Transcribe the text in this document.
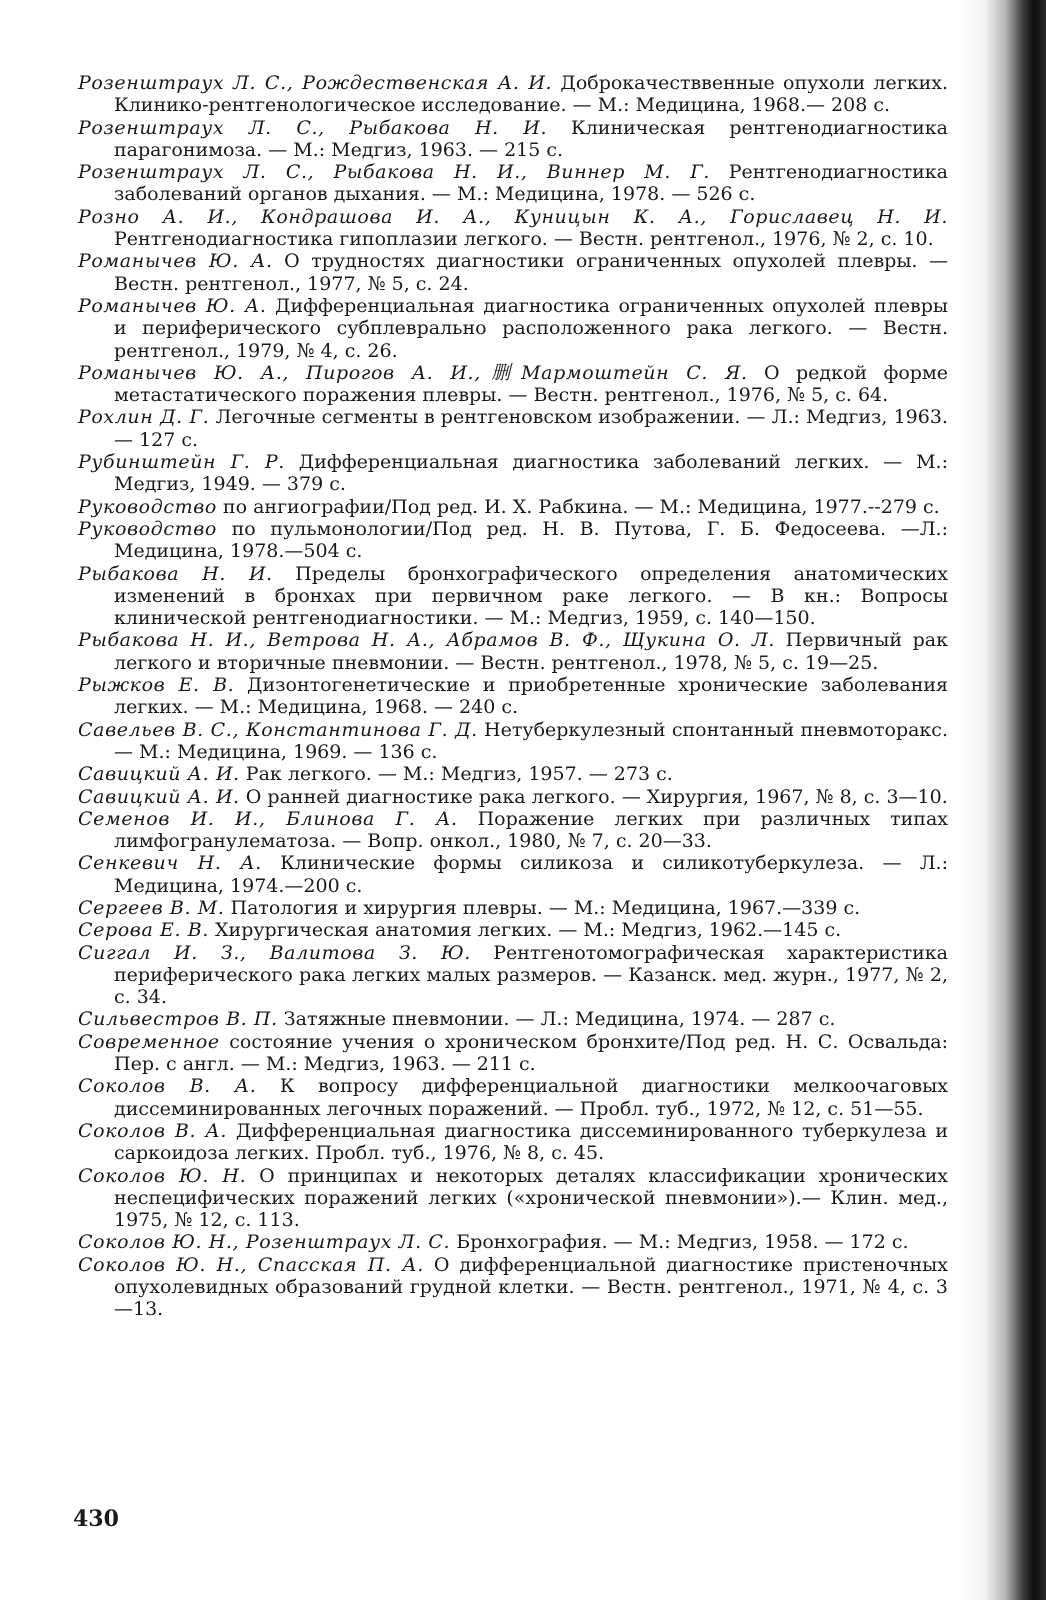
Розенштраух Л. С., Рождественская А. И. Доброкачестввенные опухоли легких. Клинико-рентгенологическое исследование. — М.: Медицина, 1968.— 208 с.

Розенштраух Л. С., Рыбакова Н. И. Клиническая рентгенодиагностика парагонимоза. — М.: Медгиз, 1963. — 215 с.

Розенштраух Л. С., Рыбакова Н. И., Виннер М. Г. Рентгенодиагностика заболеваний органов дыхания. — М.: Медицина, 1978. — 526 с.

Розно А. И., Кондрашова И. А., Куницын К. А., Гориславец Н. И. Рентгенодиагностика гипоплазии легкого. — Вестн. рентгенол., 1976, № 2, с. 10.

Романычев Ю. А. О трудностях диагностики ограниченных опухолей плевры. — Вестн. рентгенол., 1977, № 5, с. 24.

Романычев Ю. А. Дифференциальная диагностика ограниченных опухолей плевры и периферического субплеврально расположенного рака легкого. — Вестн. рентгенол., 1979, № 4, с. 26.

Романычев Ю. А., Пирогов А. И.,删Мармоштейн С. Я. О редкой форме метастатического поражения плевры. — Вестн. рентгенол., 1976, № 5, с. 64.

Рохлин Д. Г. Легочные сегменты в рентгеновском изображении. — Л.: Медгиз, 1963. — 127 с.

Рубинштейн Г. Р. Дифференциальная диагностика заболеваний легких. — М.: Медгиз, 1949. — 379 с.

Руководство по ангиографии/Под ред. И. Х. Рабкина. — М.: Медицина, 1977.--279 с.

Руководство по пульмонологии/Под ред. Н. В. Путова, Г. Б. Федосеева. —Л.: Медицина, 1978.—504 с.

Рыбакова Н. И. Пределы бронхографического определения анатомических изменений в бронхах при первичном раке легкого. — В кн.: Вопросы клинической рентгенодиагностики. — М.: Медгиз, 1959, с. 140—150.

Рыбакова Н. И., Ветрова Н. А., Абрамов В. Ф., Щукина О. Л. Первичный рак легкого и вторичные пневмонии. — Вестн. рентгенол., 1978, № 5, с. 19—25.

Рыжков Е. В. Дизонтогенетические и приобретенные хронические заболевания легких. — М.: Медицина, 1968. — 240 с.

Савельев В. С., Константинова Г. Д. Нетуберкулезный спонтанный пневмоторакс. — М.: Медицина, 1969. — 136 с.

Савицкий А. И. Рак легкого. — М.: Медгиз, 1957. — 273 с.

Савицкий А. И. О ранней диагностике рака легкого. — Хирургия, 1967, № 8, с. 3—10.

Семенов И. И., Блинова Г. А. Поражение легких при различных типах лимфогранулематоза. — Вопр. онкол., 1980, № 7, с. 20—33.

Сенкевич Н. А. Клинические формы силикоза и силикотуберкулеза. — Л.: Медицина, 1974.—200 с.

Сергеев В. М. Патология и хирургия плевры. — М.: Медицина, 1967.—339 с.

Серова Е. В. Хирургическая анатомия легких. — М.: Медгиз, 1962.—145 с.

Сиггал И. З., Валитова З. Ю. Рентгенотомографическая характеристика периферического рака легких малых размеров. — Казанск. мед. журн., 1977, № 2, с. 34.

Сильвестров В. П. Затяжные пневмонии. — Л.: Медицина, 1974. — 287 с.

Современное состояние учения о хроническом бронхите/Под ред. Н. С. Освальда: Пер. с англ. — М.: Медгиз, 1963. — 211 с.

Соколов В. А. К вопросу дифференциальной диагностики мелкоочаговых диссеминированных легочных поражений. — Пробл. туб., 1972, № 12, с. 51—55.

Соколов В. А. Дифференциальная диагностика диссеминированного туберкулеза и саркоидоза легких. Пробл. туб., 1976, № 8, с. 45.

Соколов Ю. Н. О принципах и некоторых деталях классификации хронических неспецифических поражений легких («хронической пневмонии»).— Клин. мед., 1975, № 12, с. 113.

Соколов Ю. Н., Розенштраух Л. С. Бронхография. — М.: Медгиз, 1958. — 172 с.

Соколов Ю. Н., Спасская П. А. О дифференциальной диагностике пристеночных опухолевидных образований грудной клетки. — Вестн. рентгенол., 1971, № 4, с. 3—13.

430
